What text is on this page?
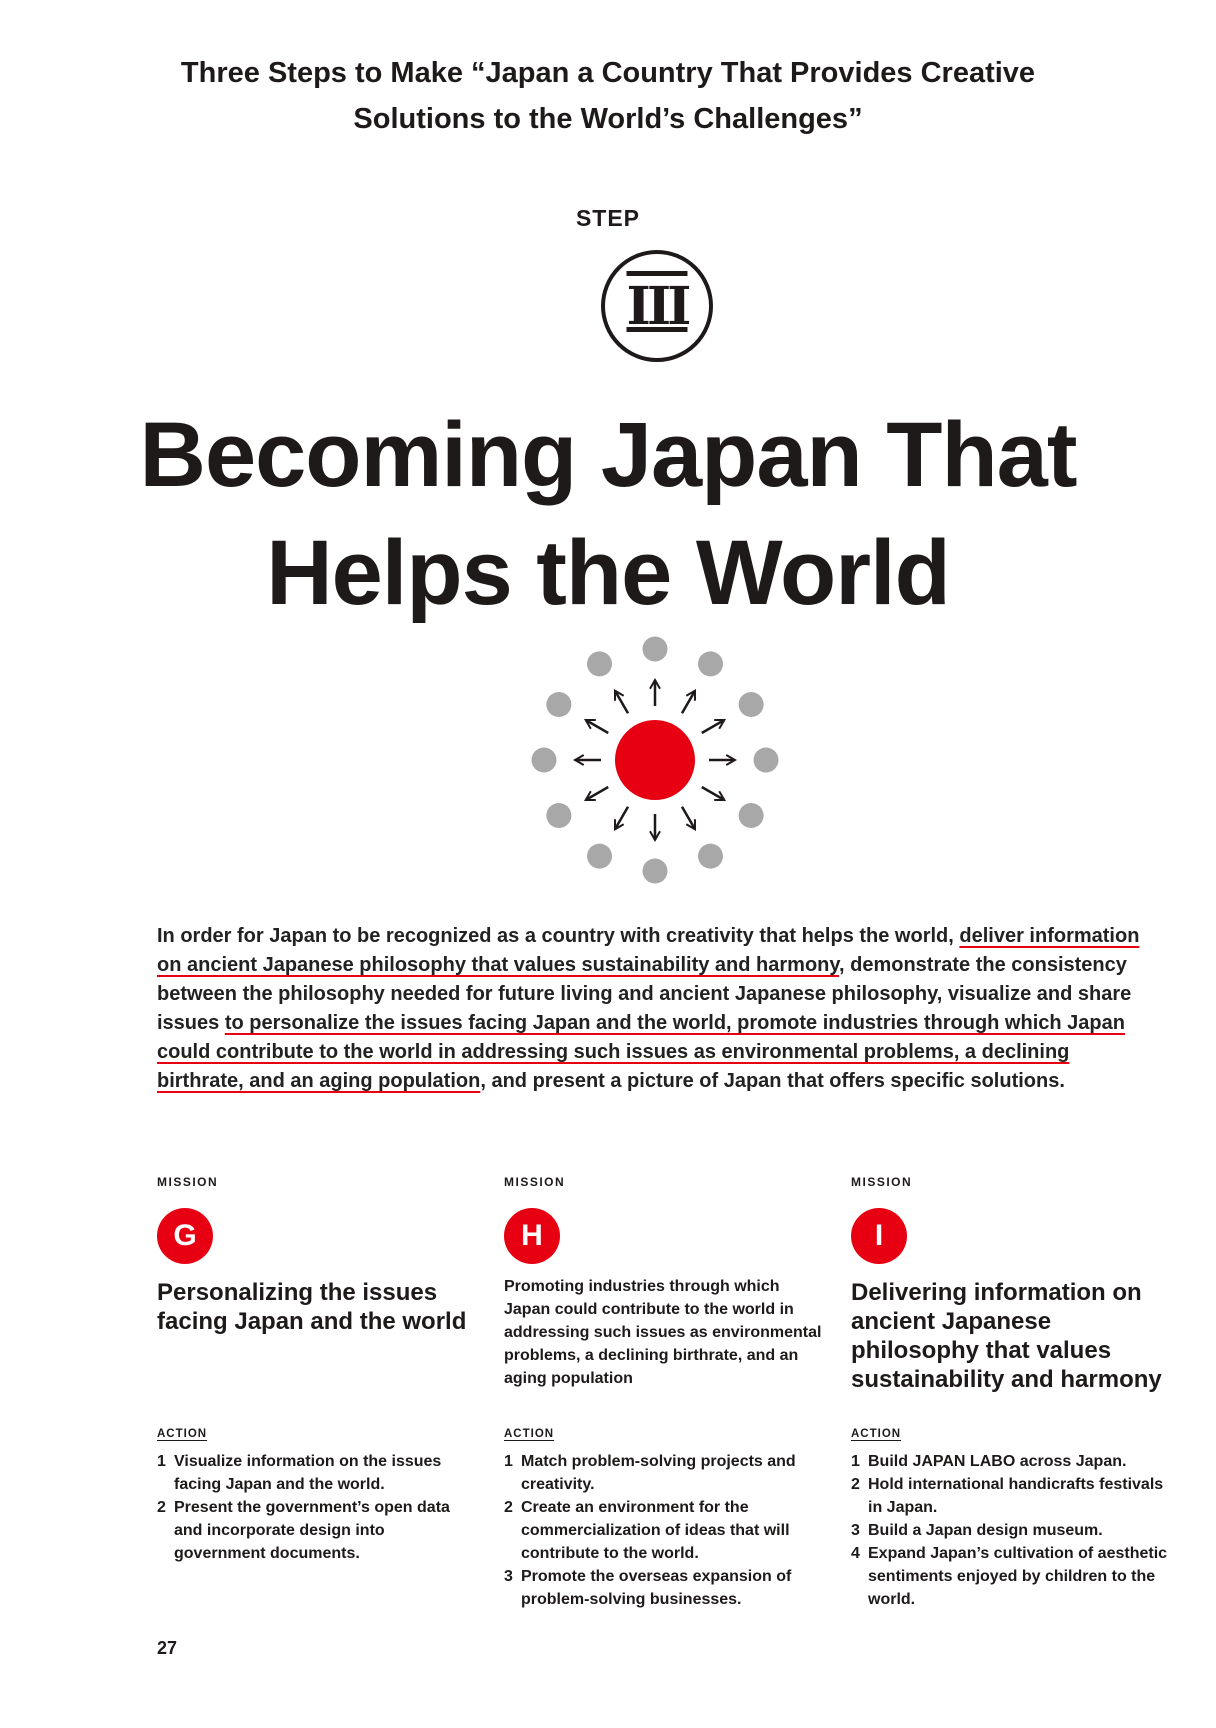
Three Steps to Make “Japan a Country That Provides Creative
Solutions to the World’s Challenges”
STEP
III
Becoming Japan That
Helps the World
In order for Japan to be recognized as a country with creativity that helps the world, deliver information on ancient Japanese philosophy that values sustainability and harmony, demonstrate the consistency between the philosophy needed for future living and ancient Japanese philosophy, visualize and share issues to personalize the issues facing Japan and the world, promote industries through which Japan could contribute to the world in addressing such issues as environmental problems, a declining birthrate, and an aging population, and present a picture of Japan that offers specific solutions.
MISSION
G
Personalizing the issues facing Japan and the world
ACTION
1 Visualize information on the issues facing Japan and the world.
2 Present the government’s open data and incorporate design into government documents.
MISSION
H
Promoting industries through which Japan could contribute to the world in addressing such issues as environmental problems, a declining birthrate, and an aging population
ACTION
1 Match problem-solving projects and creativity.
2 Create an environment for the commercialization of ideas that will contribute to the world.
3 Promote the overseas expansion of problem-solving businesses.
MISSION
I
Delivering information on ancient Japanese philosophy that values sustainability and harmony
ACTION
1 Build JAPAN LABO across Japan.
2 Hold international handicrafts festivals in Japan.
3 Build a Japan design museum.
4 Expand Japan’s cultivation of aesthetic sentiments enjoyed by children to the world.
27
